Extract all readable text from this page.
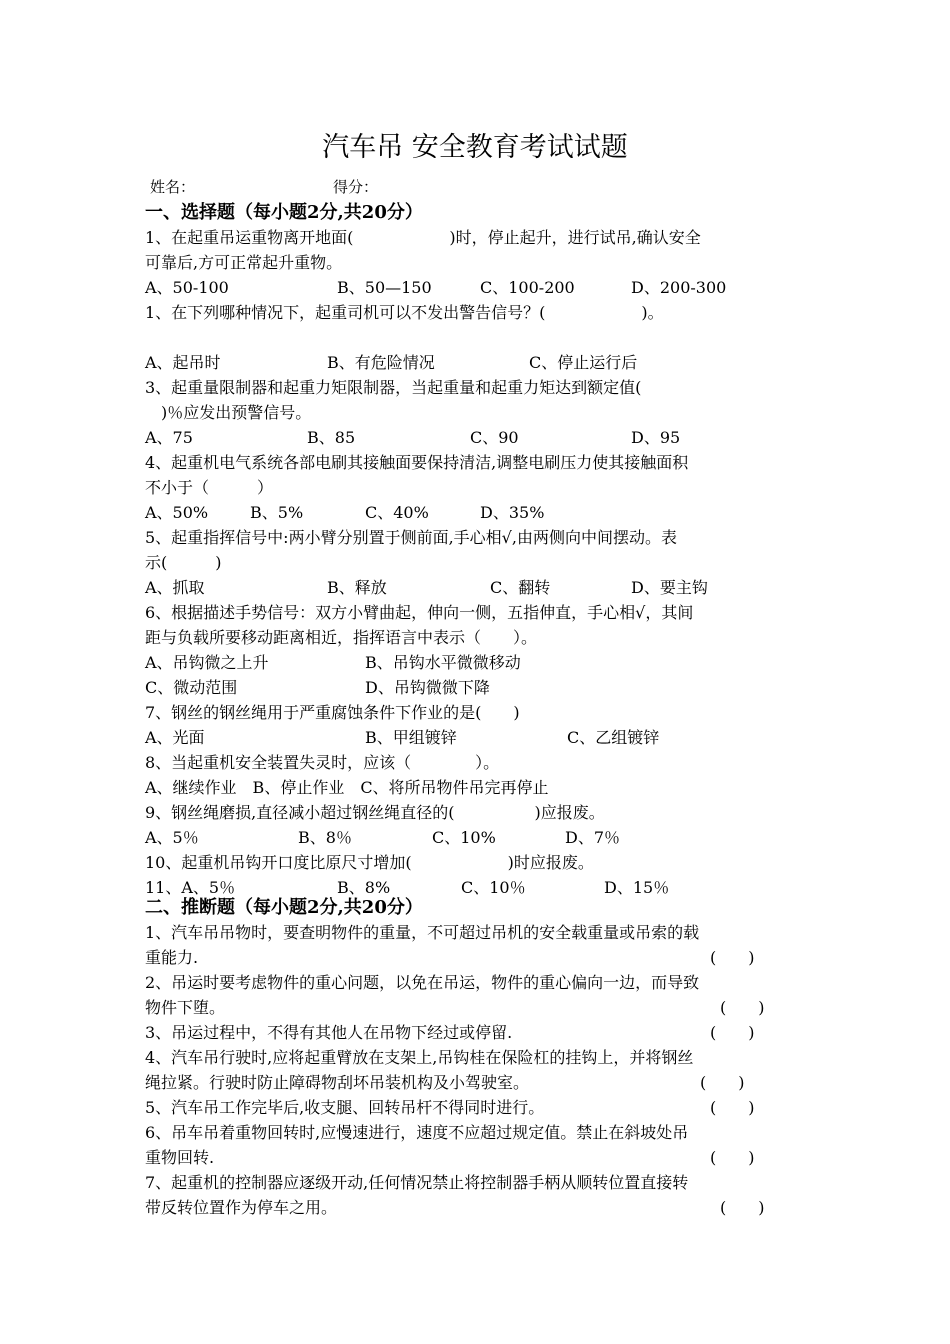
汽车吊 安全教育考试试题
姓名：	得分：
一、选择题（每小题2分,共20分）
1、在起重吊运重物离开地面(　　　　　　)时，停止起升，进行试吊,确认安全
可靠后,方可正常起升重物。
A、50-100	B、50—150	C、100-200	D、200-300
1、在下列哪种情况下，起重司机可以不发出警告信号？(　　　　　　)。
A、起吊时	B、有危险情况	C、停止运行后
3、起重量限制器和起重力矩限制器，当起重量和起重力矩达到额定值(
　)％应发出预警信号。
A、75	B、85	C、90	D、95
4、起重机电气系统各部电刷其接触面要保持清洁,调整电刷压力使其接触面积
不小于（　　　）
A、50%	B、5%	C、40%	D、35%
5、起重指挥信号中:两小臂分别置于侧前面,手心相√,由两侧向中间摆动。表
示(　　　)
A、抓取	B、释放	C、翻转	D、要主钩
6、根据描述手势信号：双方小臂曲起，伸向一侧，五指伸直，手心相√，其间
距与负载所要移动距离相近，指挥语言中表示（　　）。
A、吊钩微之上升	B、吊钩水平微微移动
C、微动范围	D、吊钩微微下降
7、钢丝的钢丝绳用于严重腐蚀条件下作业的是(　　)
A、光面	B、甲组镀锌	C、乙组镀锌
8、当起重机安全装置失灵时，应该（　　　　）。
A、继续作业　B、停止作业　C、将所吊物件吊完再停止
9、钢丝绳磨损,直径减小超过钢丝绳直径的(　　　　　)应报废。
A、5％	B、8％	C、10%	D、7％
10、起重机吊钩开口度比原尺寸增加(　　　　　　)时应报废。
11、A、5％	B、8%	C、10％	D、15％
二、推断题（每小题2分,共20分）
1、汽车吊吊物时，要查明物件的重量，不可超过吊机的安全载重量或吊索的载
重能力.	(　　)
2、吊运时要考虑物件的重心问题，以免在吊运，物件的重心偏向一边，而导致
物件下堕。	(　　)
3、吊运过程中，不得有其他人在吊物下经过或停留.	(　　)
4、汽车吊行驶时,应将起重臂放在支架上,吊钩桂在保险杠的挂钩上，并将钢丝
绳拉紧。行驶时防止障碍物刮坏吊装机构及小驾驶室。	(　　)
5、汽车吊工作完毕后,收支腿、回转吊杆不得同时进行。	(　　)
6、吊车吊着重物回转时,应慢速进行，速度不应超过规定值。禁止在斜坡处吊
重物回转.	(　　)
7、起重机的控制器应逐级开动,任何情况禁止将控制器手柄从顺转位置直接转
带反转位置作为停车之用。	(　　)
